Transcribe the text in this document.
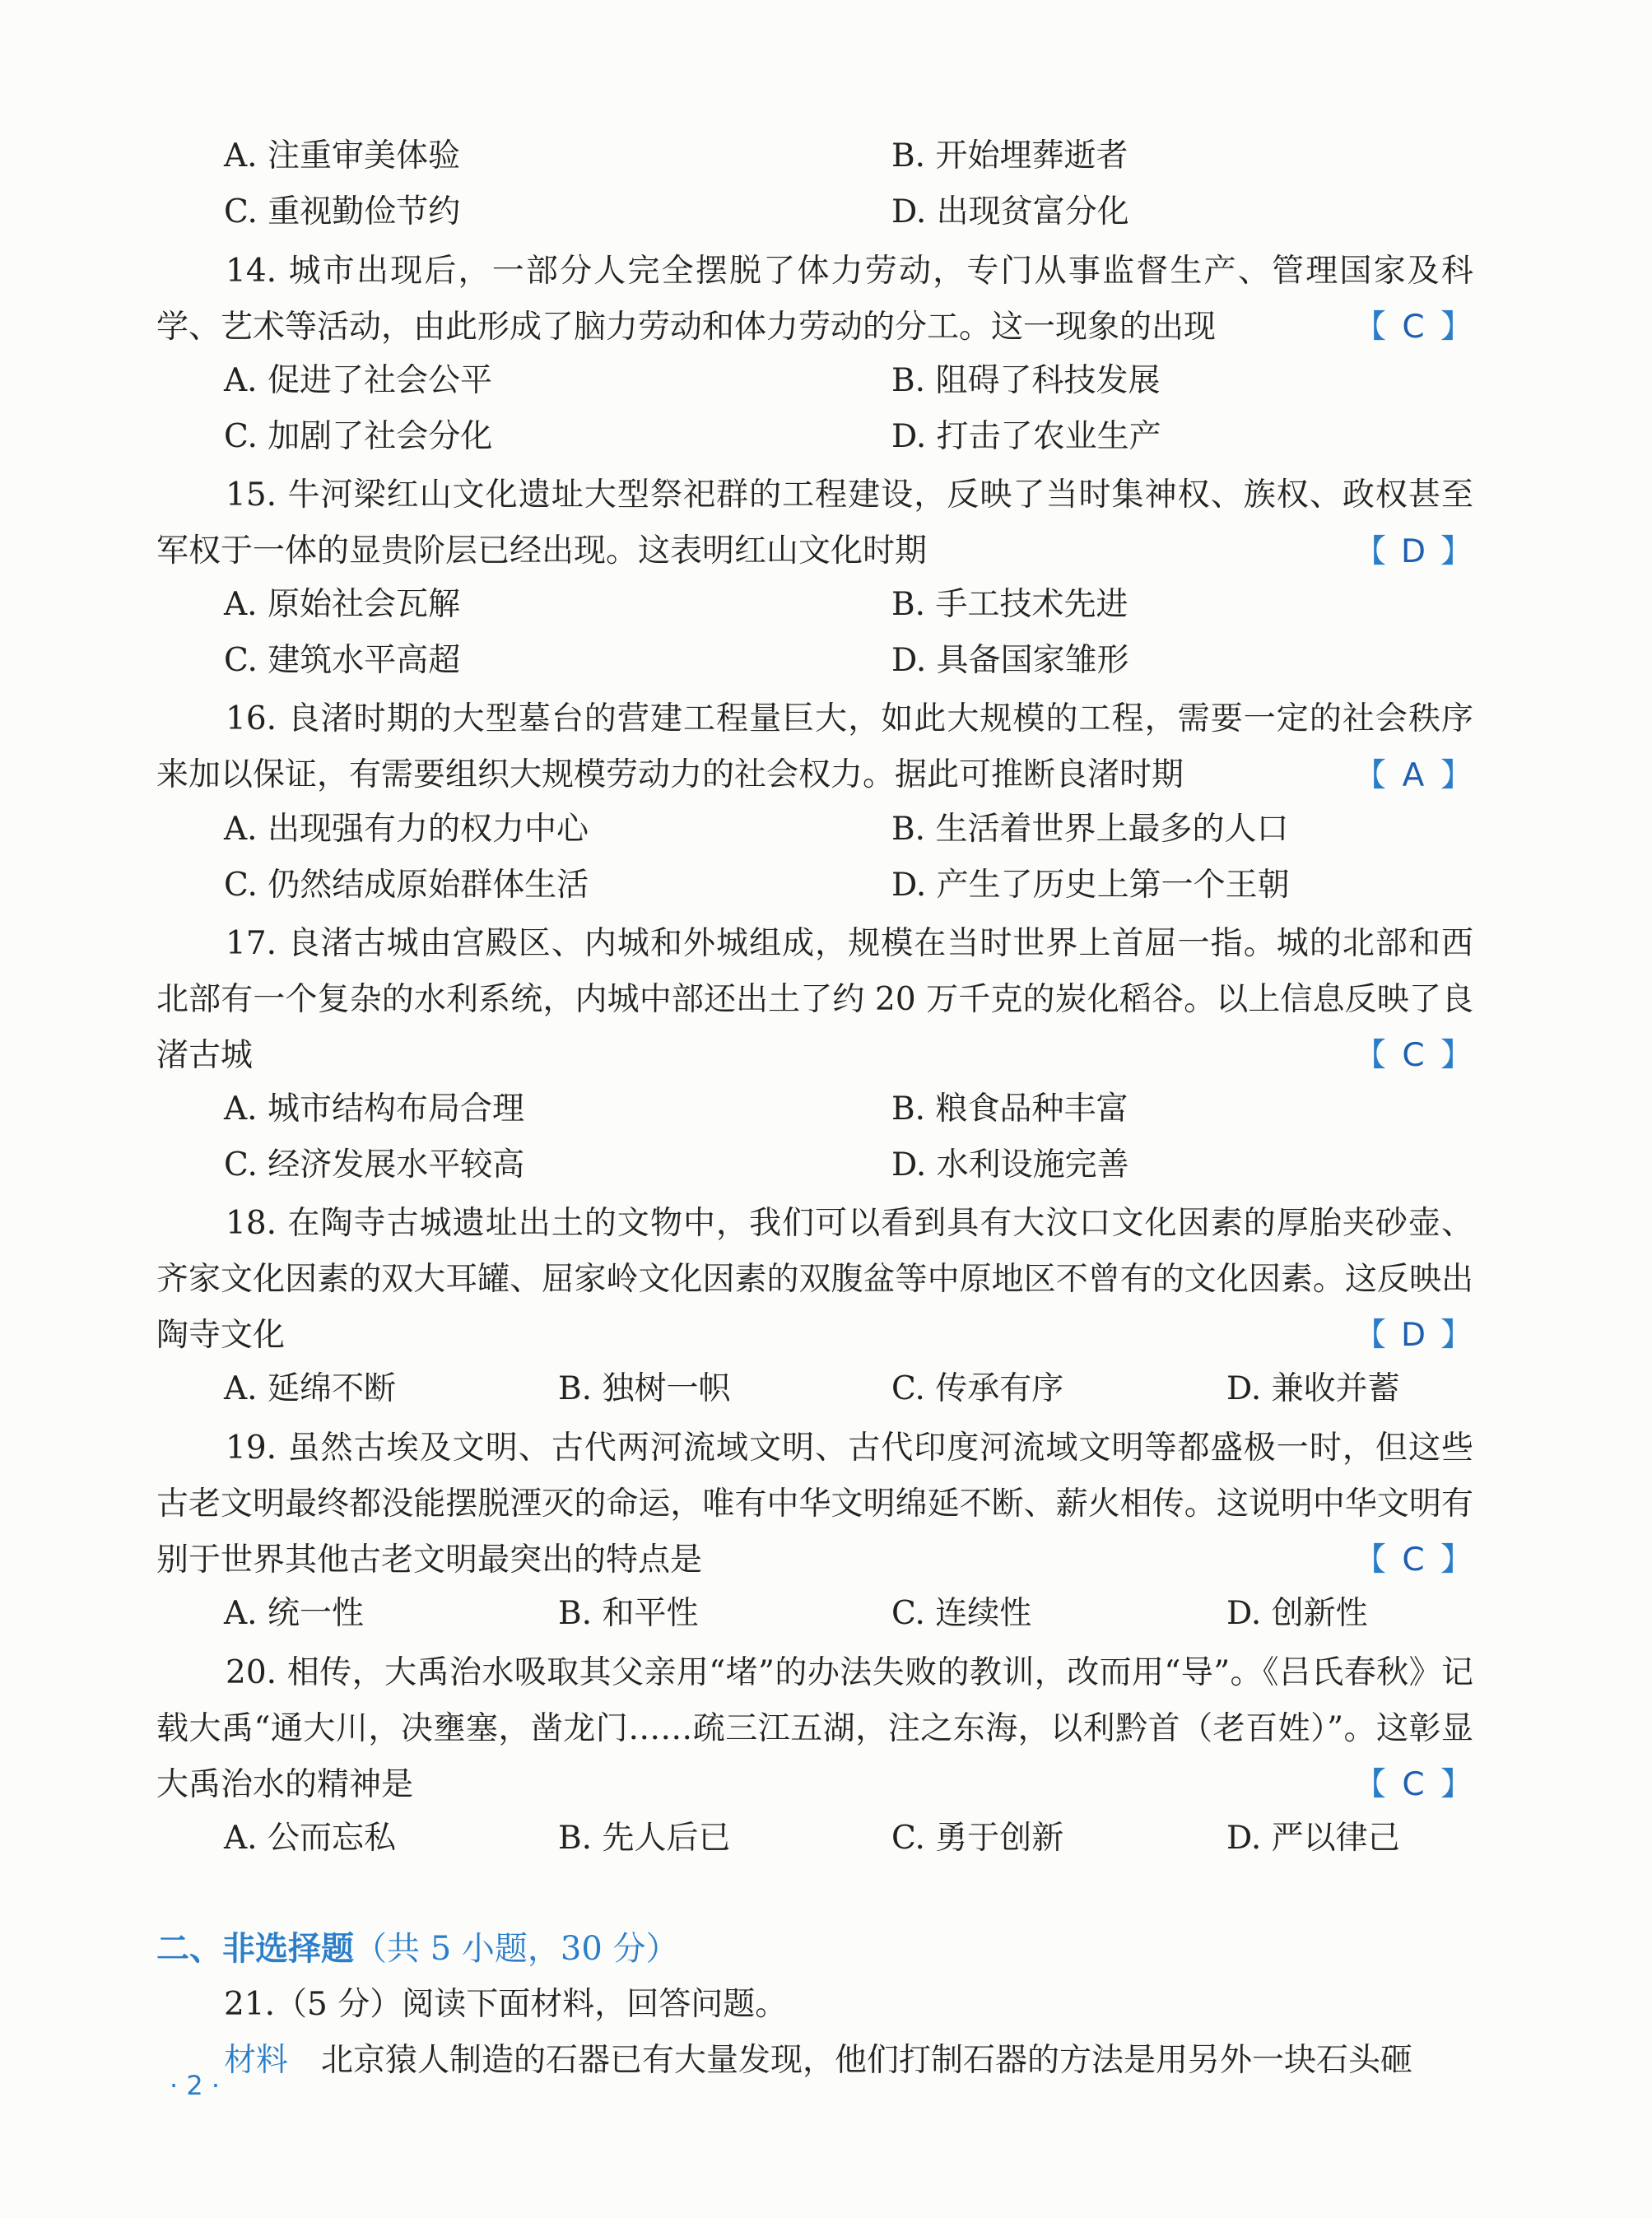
A. 注重审美体验	B. 开始埋葬逝者
C. 重视勤俭节约	D. 出现贫富分化
14. 城市出现后，一部分人完全摆脱了体力劳动，专门从事监督生产、管理国家及科学、艺术等活动，由此形成了脑力劳动和体力劳动的分工。这一现象的出现	【 C 】
A. 促进了社会公平	B. 阻碍了科技发展
C. 加剧了社会分化	D. 打击了农业生产
15. 牛河梁红山文化遗址大型祭祀群的工程建设，反映了当时集神权、族权、政权甚至军权于一体的显贵阶层已经出现。这表明红山文化时期	【 D 】
A. 原始社会瓦解	B. 手工技术先进
C. 建筑水平高超	D. 具备国家雏形
16. 良渚时期的大型墓台的营建工程量巨大，如此大规模的工程，需要一定的社会秩序来加以保证，有需要组织大规模劳动力的社会权力。据此可推断良渚时期	【 A 】
A. 出现强有力的权力中心	B. 生活着世界上最多的人口
C. 仍然结成原始群体生活	D. 产生了历史上第一个王朝
17. 良渚古城由宫殿区、内城和外城组成，规模在当时世界上首屈一指。城的北部和西北部有一个复杂的水利系统，内城中部还出土了约 20 万千克的炭化稻谷。以上信息反映了良渚古城	【 C 】
A. 城市结构布局合理	B. 粮食品种丰富
C. 经济发展水平较高	D. 水利设施完善
18. 在陶寺古城遗址出土的文物中，我们可以看到具有大汶口文化因素的厚胎夹砂壶、齐家文化因素的双大耳罐、屈家岭文化因素的双腹盆等中原地区不曾有的文化因素。这反映出陶寺文化	【 D 】
A. 延绵不断	B. 独树一帜	C. 传承有序	D. 兼收并蓄
19. 虽然古埃及文明、古代两河流域文明、古代印度河流域文明等都盛极一时，但这些古老文明最终都没能摆脱湮灭的命运，唯有中华文明绵延不断、薪火相传。这说明中华文明有别于世界其他古老文明最突出的特点是	【 C 】
A. 统一性	B. 和平性	C. 连续性	D. 创新性
20. 相传，大禹治水吸取其父亲用“堵”的办法失败的教训，改而用“导”。《吕氏春秋》记载大禹“通大川，决壅塞，凿龙门……疏三江五湖，注之东海，以利黔首（老百姓）”。这彰显大禹治水的精神是	【 C 】
A. 公而忘私	B. 先人后已	C. 勇于创新	D. 严以律己
二、非选择题（共 5 小题，30 分）
21.（5 分）阅读下面材料，回答问题。
材料 北京猿人制造的石器已有大量发现，他们打制石器的方法是用另外一块石头砸
· 2 ·
